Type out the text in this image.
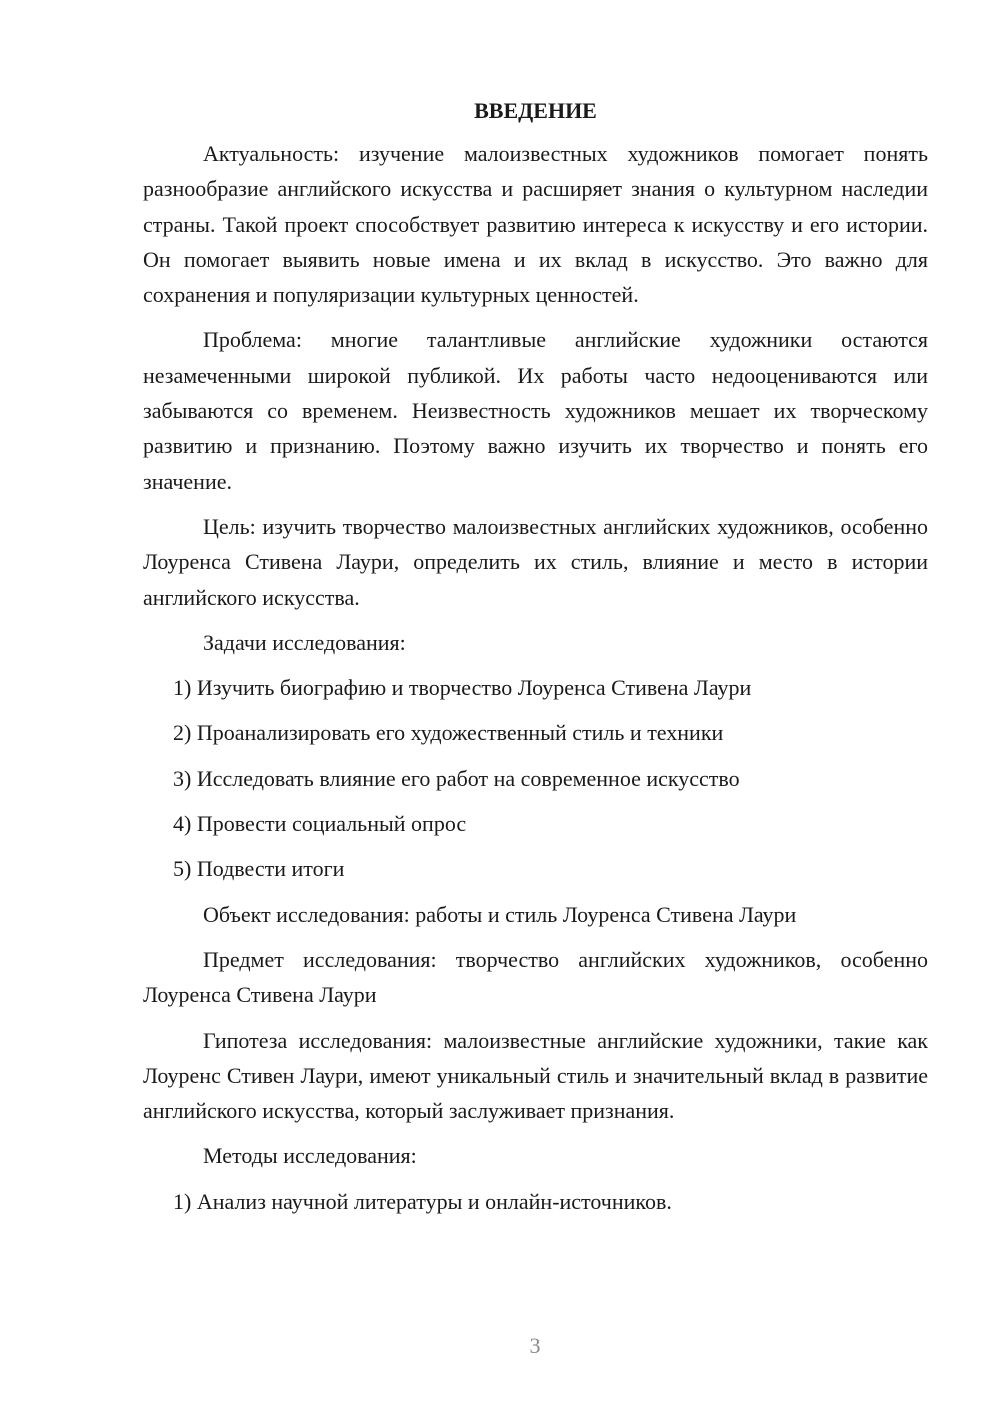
ВВЕДЕНИЕ
Актуальность: изучение малоизвестных художников помогает понять разнообразие английского искусства и расширяет знания о культурном наследии страны. Такой проект способствует развитию интереса к искусству и его истории. Он помогает выявить новые имена и их вклад в искусство. Это важно для сохранения и популяризации культурных ценностей.
Проблема: многие талантливые английские художники остаются незамеченными широкой публикой. Их работы часто недооцениваются или забываются со временем. Неизвестность художников мешает их творческому развитию и признанию. Поэтому важно изучить их творчество и понять его значение.
Цель: изучить творчество малоизвестных английских художников, особенно Лоуренса Стивена Лаури, определить их стиль, влияние и место в истории английского искусства.
Задачи исследования:
1) Изучить биографию и творчество Лоуренса Стивена Лаури
2) Проанализировать его художественный стиль и техники
3) Исследовать влияние его работ на современное искусство
4) Провести социальный опрос
5) Подвести итоги
Объект исследования: работы и стиль Лоуренса Стивена Лаури
Предмет исследования: творчество английских художников, особенно Лоуренса Стивена Лаури
Гипотеза исследования: малоизвестные английские художники, такие как Лоуренс Стивен Лаури, имеют уникальный стиль и значительный вклад в развитие английского искусства, который заслуживает признания.
Методы исследования:
1) Анализ научной литературы и онлайн-источников.
3
